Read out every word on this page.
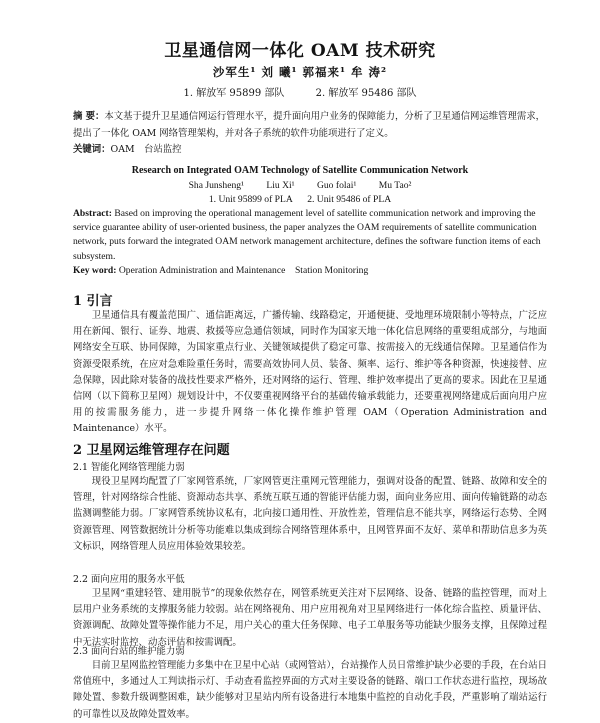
卫星通信网一体化 OAM 技术研究
沙军生¹ 刘 曦¹ 郭福来¹ 牟 涛²
1. 解放军 95899 部队	2. 解放军 95486 部队
摘 要：本文基于提升卫星通信网运行管理水平，提升面向用户业务的保障能力，分析了卫星通信网运维管理需求，提出了一体化 OAM 网络管理架构，并对各子系统的软件功能项进行了定义。
关键词：OAM　台站监控
Research on Integrated OAM Technology of Satellite Communication Network
Sha Junsheng¹ Liu Xi¹ Guo folai¹ Mu Tao²
1. Unit 95899 of PLA 2. Unit 95486 of PLA
Abstract: Based on improving the operational management level of satellite communication network and improving the service guarantee ability of user-oriented business, the paper analyzes the OAM requirements of satellite communication network, puts forward the integrated OAM network management architecture, defines the software function items of each subsystem.
Key word: Operation Administration and Maintenance　Station Monitoring
1 引言

卫星通信具有覆盖范围广、通信距离远，广播传输、线路稳定，开通便捷、受地理环境限制小等特点，广泛应用在新闻、银行、证券、地震、救援等应急通信领域，同时作为国家天地一体化信息网络的重要组成部分，与地面网络安全互联、协同保障，为国家重点行业、关键领域提供了稳定可靠、按需接入的无线通信保障。卫星通信作为资源受限系统，在应对急难险重任务时，需要高效协同人员、装备、频率、运行、维护等各种资源，快速接替、应急保障，因此除对装备的战技性要求严格外，还对网络的运行、管理、维护效率提出了更高的要求。因此在卫星通信网（以下简称卫星网）规划设计中，不仅要重视网络平台的基础传输承载能力，还要重视网络建成后面向用户应用的按需服务能力，进一步提升网络一体化操作维护管理 OAM（Operation Administration and Maintenance）水平。

2 卫星网运维管理存在问题
2.1 智能化网络管理能力弱

现役卫星网均配置了厂家网管系统，厂家网管更注重网元管理能力，强调对设备的配置、链路、故障和安全的管理，针对网络综合性能、资源动态共享、系统互联互通的智能评估能力弱，面向业务应用、面向传输链路的动态监测调整能力弱。厂家网管系统协议私有，北向接口通用性、开放性差，管理信息不能共享，网络运行态势、全网资源管理、网管数据统计分析等功能难以集成到综合网络管理体系中，且网管界面不友好、菜单和帮助信息多为英文标识，网络管理人员应用体验效果较差。

2.2 面向应用的服务水平低

卫星网“重建轻管、建用脱节”的现象依然存在，网管系统更关注对下层网络、设备、链路的监控管理，而对上层用户业务系统的支撑服务能力较弱。站在网络视角、用户应用视角对卫星网络进行一体化综合监控、质量评估、资源调配、故障处置等操作能力不足，用户关心的重大任务保障、电子工单服务等功能缺少服务支撑，且保障过程中无法实时监控、动态评估和按需调配。

2.3 面向台站的维护能力弱

目前卫星网监控管理能力多集中在卫星中心站（或网管站），台站操作人员日常维护缺少必要的手段，在台站日常值班中，多通过人工判读指示灯、手动查看监控界面的方式对主要设备的链路、端口工作状态进行监控，现场故障处置、参数升级调整困难，缺少能够对卫星站内所有设备进行本地集中监控的自动化手段，严重影响了端站运行的可靠性以及故障处置效率。
